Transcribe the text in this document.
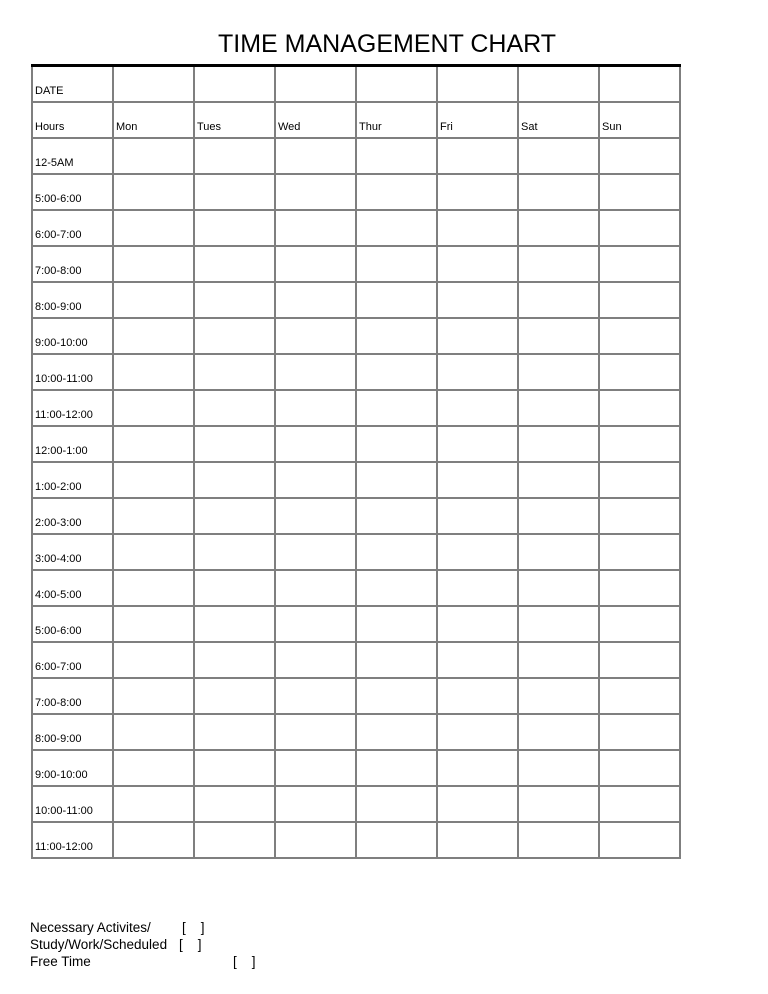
TIME MANAGEMENT CHART
DATE							

Hours	Mon	Tues	Wed	Thur	Fri	Sat	Sun

12-5AM							

5:00-6:00							

6:00-7:00							

7:00-8:00							

8:00-9:00							

9:00-10:00							

10:00-11:00							

11:00-12:00							

12:00-1:00							

1:00-2:00							

2:00-3:00							

3:00-4:00							

4:00-5:00							

5:00-6:00							

6:00-7:00							

7:00-8:00							

8:00-9:00							

9:00-10:00							

10:00-11:00							

11:00-12:00							

Necessary Activites/ [    ]
Study/Work/Scheduled [    ]
Free Time	[    ]
